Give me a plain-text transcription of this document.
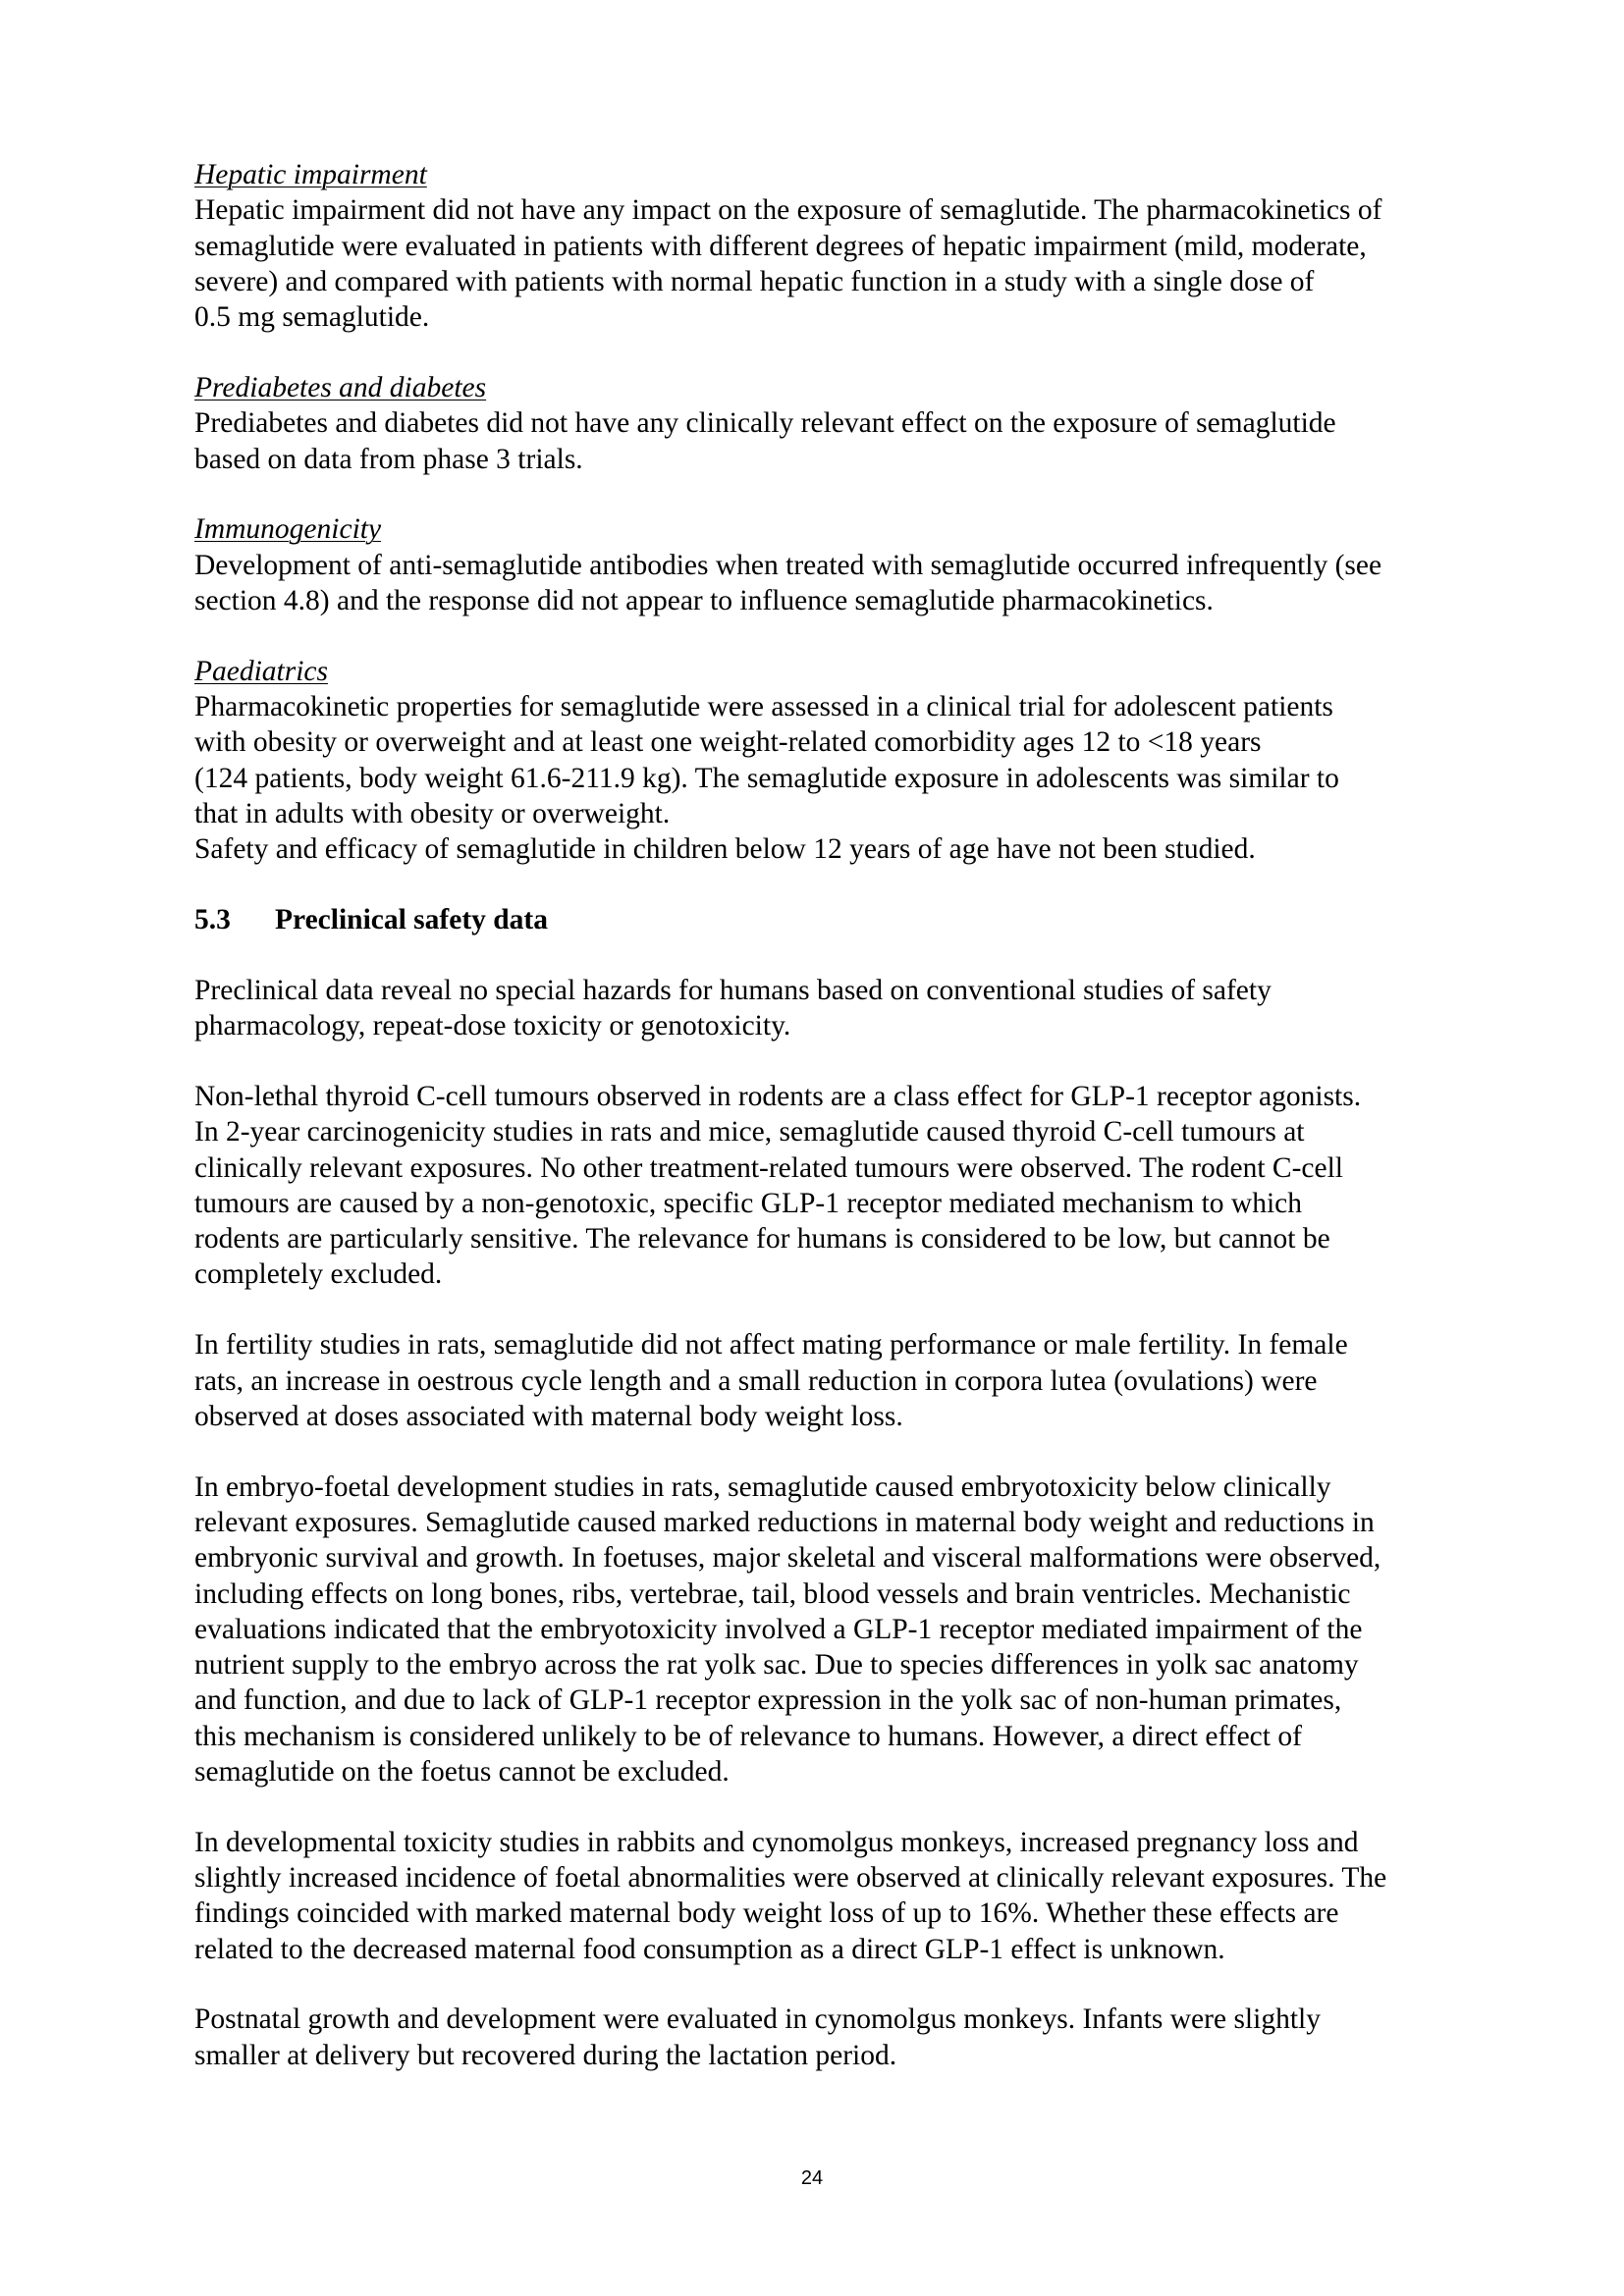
Hepatic impairment

Hepatic impairment did not have any impact on the exposure of semaglutide. The pharmacokinetics of
semaglutide were evaluated in patients with different degrees of hepatic impairment (mild, moderate,
severe) and compared with patients with normal hepatic function in a study with a single dose of
0.5 mg semaglutide.

Prediabetes and diabetes

Prediabetes and diabetes did not have any clinically relevant effect on the exposure of semaglutide
based on data from phase 3 trials.

Immunogenicity

Development of anti-semaglutide antibodies when treated with semaglutide occurred infrequently (see
section 4.8) and the response did not appear to influence semaglutide pharmacokinetics.

Paediatrics

Pharmacokinetic properties for semaglutide were assessed in a clinical trial for adolescent patients
with obesity or overweight and at least one weight-related comorbidity ages 12 to <18 years
(124 patients, body weight 61.6-211.9 kg). The semaglutide exposure in adolescents was similar to
that in adults with obesity or overweight.
Safety and efficacy of semaglutide in children below 12 years of age have not been studied.

5.3	Preclinical safety data

Preclinical data reveal no special hazards for humans based on conventional studies of safety
pharmacology, repeat-dose toxicity or genotoxicity.

Non-lethal thyroid C-cell tumours observed in rodents are a class effect for GLP-1 receptor agonists.
In 2-year carcinogenicity studies in rats and mice, semaglutide caused thyroid C-cell tumours at
clinically relevant exposures. No other treatment-related tumours were observed. The rodent C-cell
tumours are caused by a non-genotoxic, specific GLP-1 receptor mediated mechanism to which
rodents are particularly sensitive. The relevance for humans is considered to be low, but cannot be
completely excluded.

In fertility studies in rats, semaglutide did not affect mating performance or male fertility. In female
rats, an increase in oestrous cycle length and a small reduction in corpora lutea (ovulations) were
observed at doses associated with maternal body weight loss.

In embryo-foetal development studies in rats, semaglutide caused embryotoxicity below clinically
relevant exposures. Semaglutide caused marked reductions in maternal body weight and reductions in
embryonic survival and growth. In foetuses, major skeletal and visceral malformations were observed,
including effects on long bones, ribs, vertebrae, tail, blood vessels and brain ventricles. Mechanistic
evaluations indicated that the embryotoxicity involved a GLP-1 receptor mediated impairment of the
nutrient supply to the embryo across the rat yolk sac. Due to species differences in yolk sac anatomy
and function, and due to lack of GLP-1 receptor expression in the yolk sac of non-human primates,
this mechanism is considered unlikely to be of relevance to humans. However, a direct effect of
semaglutide on the foetus cannot be excluded.

In developmental toxicity studies in rabbits and cynomolgus monkeys, increased pregnancy loss and
slightly increased incidence of foetal abnormalities were observed at clinically relevant exposures. The
findings coincided with marked maternal body weight loss of up to 16%. Whether these effects are
related to the decreased maternal food consumption as a direct GLP-1 effect is unknown.

Postnatal growth and development were evaluated in cynomolgus monkeys. Infants were slightly
smaller at delivery but recovered during the lactation period.

24
